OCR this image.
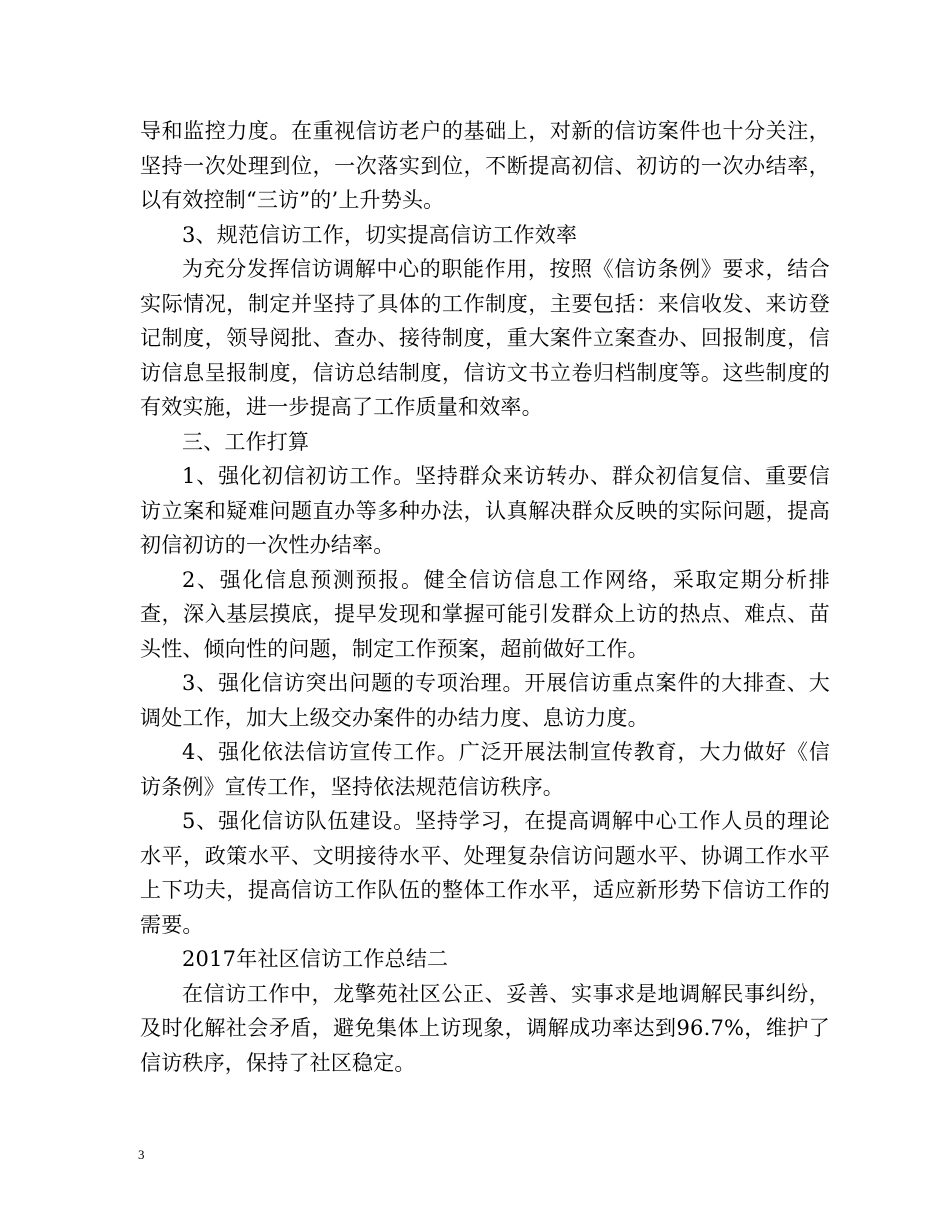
导和监控力度。在重视信访老户的基础上，对新的信访案件也十分关注，坚持一次处理到位，一次落实到位，不断提高初信、初访的一次办结率，以有效控制“三访”的’上升势头。

3、规范信访工作，切实提高信访工作效率

为充分发挥信访调解中心的职能作用，按照《信访条例》要求，结合实际情况，制定并坚持了具体的工作制度，主要包括：来信收发、来访登记制度，领导阅批、查办、接待制度，重大案件立案查办、回报制度，信访信息呈报制度，信访总结制度，信访文书立卷归档制度等。这些制度的有效实施，进一步提高了工作质量和效率。

三、工作打算

1、强化初信初访工作。坚持群众来访转办、群众初信复信、重要信访立案和疑难问题直办等多种办法，认真解决群众反映的实际问题，提高初信初访的一次性办结率。

2、强化信息预测预报。健全信访信息工作网络，采取定期分析排查，深入基层摸底，提早发现和掌握可能引发群众上访的热点、难点、苗头性、倾向性的问题，制定工作预案，超前做好工作。

3、强化信访突出问题的专项治理。开展信访重点案件的大排查、大调处工作，加大上级交办案件的办结力度、息访力度。

4、强化依法信访宣传工作。广泛开展法制宣传教育，大力做好《信访条例》宣传工作，坚持依法规范信访秩序。

5、强化信访队伍建设。坚持学习，在提高调解中心工作人员的理论水平，政策水平、文明接待水平、处理复杂信访问题水平、协调工作水平上下功夫，提高信访工作队伍的整体工作水平，适应新形势下信访工作的需要。

2017年社区信访工作总结二

在信访工作中，龙擎苑社区公正、妥善、实事求是地调解民事纠纷，及时化解社会矛盾，避免集体上访现象，调解成功率达到96.7%，维护了信访秩序，保持了社区稳定。

3
